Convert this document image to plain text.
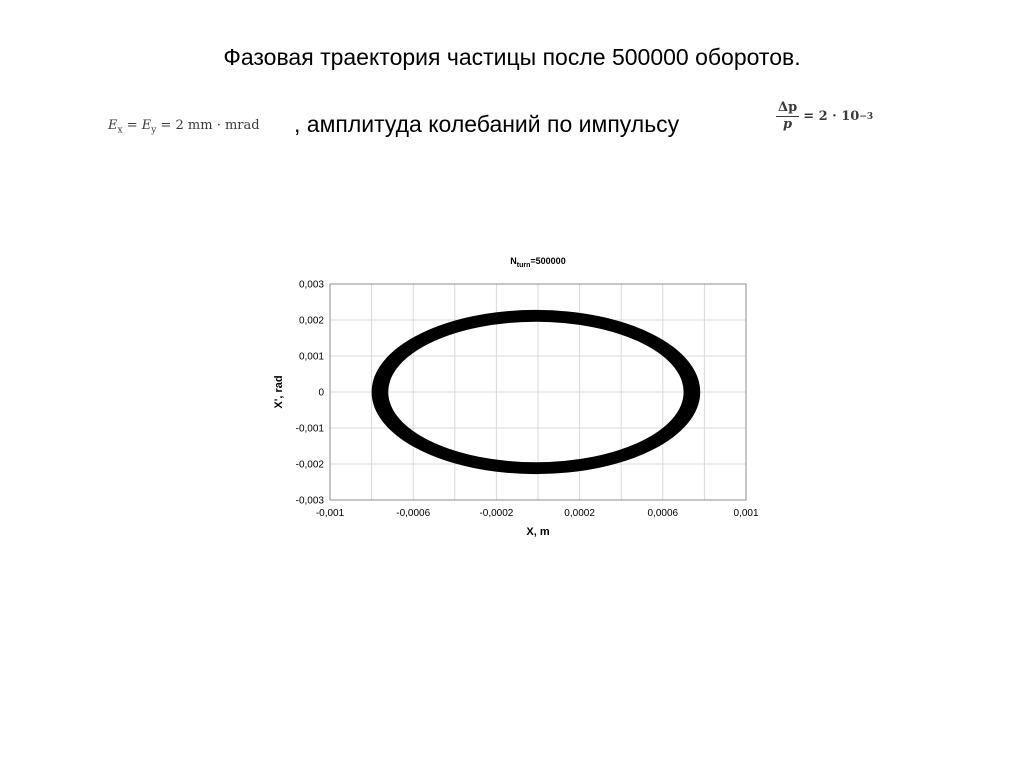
Фазовая траектория частицы после 500000 оборотов.
$E_x = E_y = 2$ mm · mrad , амплитуда колебаний по импульсу	$\frac{\Delta p}{p} = 2 \cdot 10 -3$
0,003
0,002
0,001
0
-0,001
-0,002
-0,003
-0,001	-0,0006	-0,0002	0,0002	0,0006	0,001
X, m
X', rad
$N_{turn}=500000$
